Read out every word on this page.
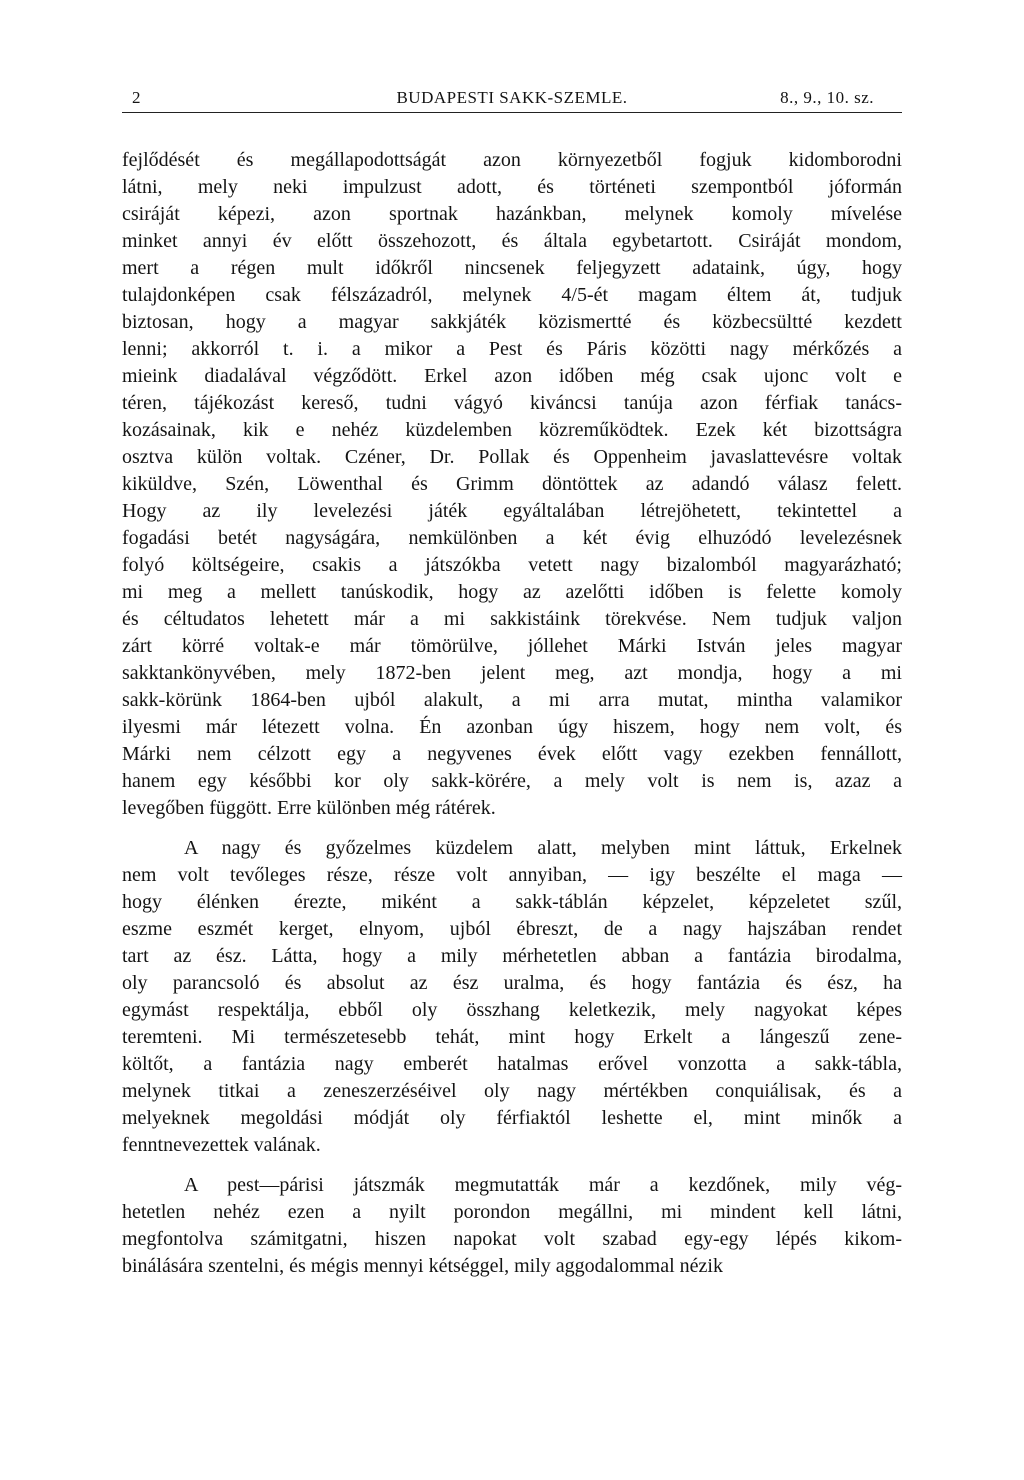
2	BUDAPESTI SAKK-SZEMLE.	8., 9., 10. sz.
fejlődését és megállapodottságát azon környezetből fogjuk kidomborodni
látni, mely neki impulzust adott, és történeti szempontból jóformán
csiráját képezi, azon sportnak hazánkban, melynek komoly mívelése
minket annyi év előtt összehozott, és általa egybetartott. Csiráját mondom,
mert a régen mult időkről nincsenek feljegyzett adataink, úgy, hogy
tulajdonképen csak félszázadról, melynek 4/5-ét magam éltem át, tudjuk
biztosan, hogy a magyar sakkjáték közismertté és közbecsültté kezdett
lenni; akkorról t. i. a mikor a Pest és Páris közötti nagy mérkőzés a
mieink diadalával végződött. Erkel azon időben még csak ujonc volt e
téren, tájékozást kereső, tudni vágyó kiváncsi tanúja azon férfiak tanács-
kozásainak, kik e nehéz küzdelemben közreműködtek. Ezek két bizottságra
osztva külön voltak. Czéner, Dr. Pollak és Oppenheim javaslattevésre voltak
kiküldve, Szén, Löwenthal és Grimm döntöttek az adandó válasz felett.
Hogy az ily levelezési játék egyáltalában létrejöhetett, tekintettel a
fogadási betét nagyságára, nemkülönben a két évig elhuzódó levelezésnek
folyó költségeire, csakis a játszókba vetett nagy bizalomból magyarázható;
mi meg a mellett tanúskodik, hogy az azelőtti időben is felette komoly
és céltudatos lehetett már a mi sakkistáink törekvése. Nem tudjuk valjon
zárt körré voltak-e már tömörülve, jóllehet Márki István jeles magyar
sakktankönyvében, mely 1872-ben jelent meg, azt mondja, hogy a mi
sakk-körünk 1864-ben ujból alakult, a mi arra mutat, mintha valamikor
ilyesmi már létezett volna. Én azonban úgy hiszem, hogy nem volt, és
Márki nem célzott egy a negyvenes évek előtt vagy ezekben fennállott,
hanem egy későbbi kor oly sakk-körére, a mely volt is nem is, azaz a
levegőben függött. Erre különben még rátérek.
A nagy és győzelmes küzdelem alatt, melyben mint láttuk, Erkelnek
nem volt tevőleges része, része volt annyiban, — igy beszélte el maga —
hogy élénken érezte, miként a sakk-táblán képzelet, képzeletet szűl,
eszme eszmét kerget, elnyom, ujból ébreszt, de a nagy hajszában rendet
tart az ész. Látta, hogy a mily mérhetetlen abban a fantázia birodalma,
oly parancsoló és absolut az ész uralma, és hogy fantázia és ész, ha
egymást respektálja, ebből oly összhang keletkezik, mely nagyokat képes
teremteni. Mi természetesebb tehát, mint hogy Erkelt a lángeszű zene-
költőt, a fantázia nagy emberét hatalmas erővel vonzotta a sakk-tábla,
melynek titkai a zeneszerzéséivel oly nagy mértékben conquiálisak, és a
melyeknek megoldási módját oly férfiaktól leshette el, mint minők a
fenntnevezettek valának.
A pest—párisi játszmák megmutatták már a kezdőnek, mily vég-
hetetlen nehéz ezen a nyilt porondon megállni, mi mindent kell látni,
megfontolva számitgatni, hiszen napokat volt szabad egy-egy lépés kikom-
binálására szentelni, és mégis mennyi kétséggel, mily aggodalommal nézik
